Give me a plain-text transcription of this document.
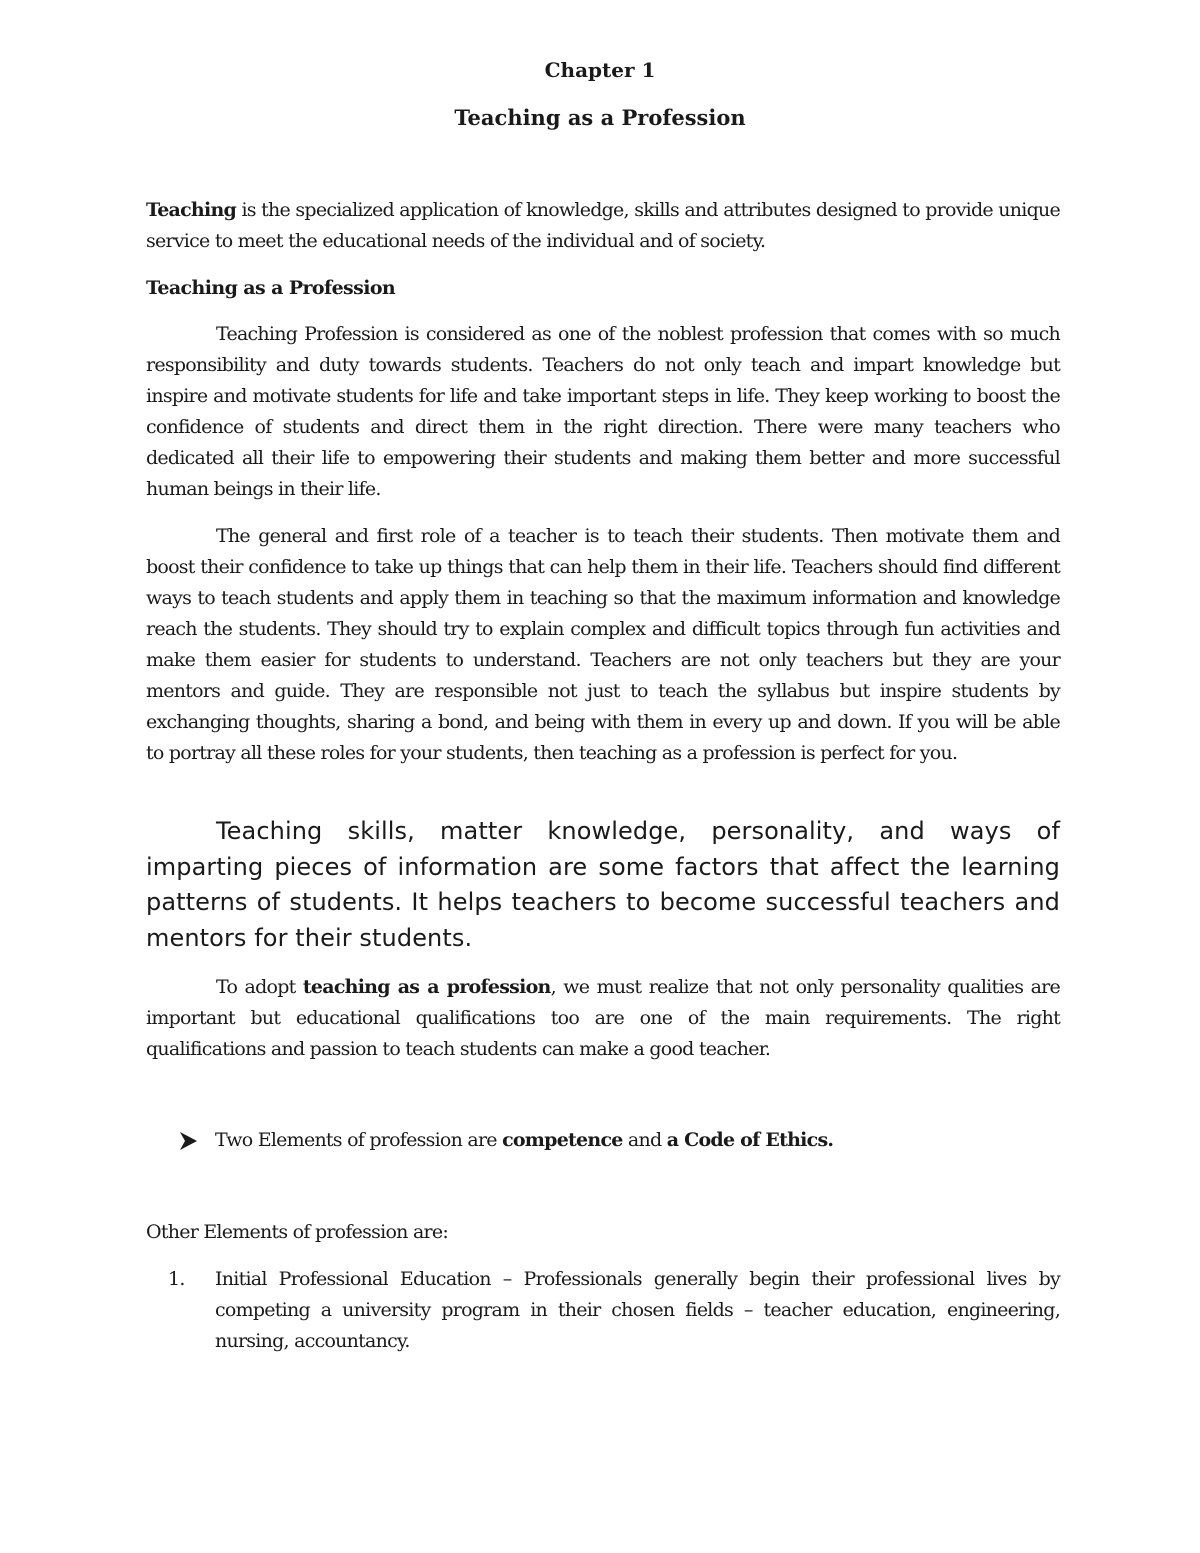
Chapter 1
Teaching as a Profession
Teaching is the specialized application of knowledge, skills and attributes designed to provide unique service to meet the educational needs of the individual and of society.
Teaching as a Profession
Teaching Profession is considered as one of the noblest profession that comes with so much responsibility and duty towards students. Teachers do not only teach and impart knowledge but inspire and motivate students for life and take important steps in life. They keep working to boost the confidence of students and direct them in the right direction. There were many teachers who dedicated all their life to empowering their students and making them better and more successful human beings in their life.
The general and first role of a teacher is to teach their students. Then motivate them and boost their confidence to take up things that can help them in their life. Teachers should find different ways to teach students and apply them in teaching so that the maximum information and knowledge reach the students. They should try to explain complex and difficult topics through fun activities and make them easier for students to understand. Teachers are not only teachers but they are your mentors and guide. They are responsible not just to teach the syllabus but inspire students by exchanging thoughts, sharing a bond, and being with them in every up and down. If you will be able to portray all these roles for your students, then teaching as a profession is perfect for you.
Teaching skills, matter knowledge, personality, and ways of imparting pieces of information are some factors that affect the learning patterns of students. It helps teachers to become successful teachers and mentors for their students.
To adopt teaching as a profession, we must realize that not only personality qualities are important but educational qualifications too are one of the main requirements. The right qualifications and passion to teach students can make a good teacher.
Two Elements of profession are competence and a Code of Ethics.
Other Elements of profession are:
1. Initial Professional Education – Professionals generally begin their professional lives by competing a university program in their chosen fields – teacher education, engineering, nursing, accountancy.
